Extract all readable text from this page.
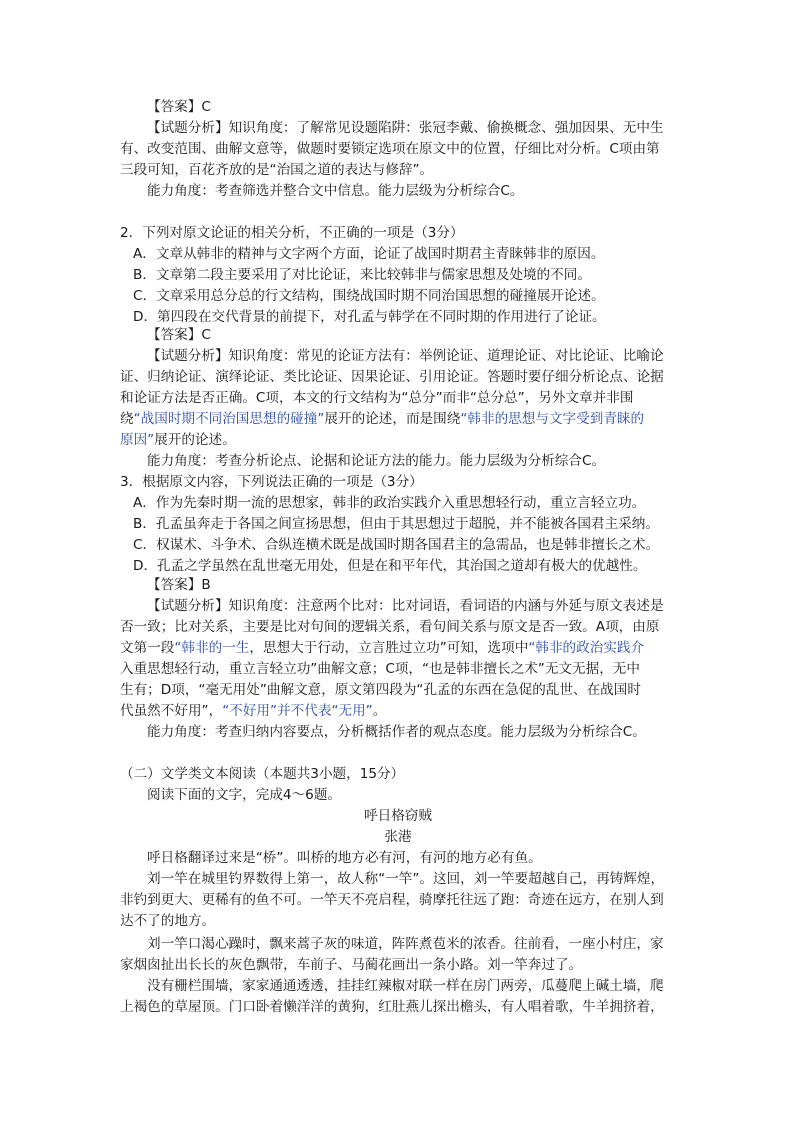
【答案】C
【试题分析】知识角度：了解常见设题陷阱：张冠李戴、偷换概念、强加因果、无中生
有、改变范围、曲解文意等，做题时要锁定选项在原文中的位置，仔细比对分析。C项由第
三段可知，百花齐放的是“治国之道的表达与修辞”。
能力角度：考查筛选并整合文中信息。能力层级为分析综合C。
2．下列对原文论证的相关分析，不正确的一项是（3分）
A．文章从韩非的精神与文字两个方面，论证了战国时期君主青睐韩非的原因。
B．文章第二段主要采用了对比论证，来比较韩非与儒家思想及处境的不同。
C．文章采用总分总的行文结构，围绕战国时期不同治国思想的碰撞展开论述。
D．第四段在交代背景的前提下，对孔孟与韩学在不同时期的作用进行了论证。
【答案】C
【试题分析】知识角度：常见的论证方法有：举例论证、道理论证、对比论证、比喻论
证、归纳论证、演绎论证、类比论证、因果论证、引用论证。答题时要仔细分析论点、论据
和论证方法是否正确。C项，本文的行文结构为“总分”而非“总分总”，另外文章并非围
绕“战国时期不同治国思想的碰撞”展开的论述，而是围绕“韩非的思想与文字受到青睐的
原因”展开的论述。
能力角度：考查分析论点、论据和论证方法的能力。能力层级为分析综合C。
3．根据原文内容，下列说法正确的一项是（3分）
A．作为先秦时期一流的思想家，韩非的政治实践介入重思想轻行动，重立言轻立功。
B．孔孟虽奔走于各国之间宣扬思想，但由于其思想过于超脱，并不能被各国君主采纳。
C．权谋术、斗争术、合纵连横术既是战国时期各国君主的急需品，也是韩非擅长之术。
D．孔孟之学虽然在乱世毫无用处，但是在和平年代，其治国之道却有极大的优越性。
【答案】B
【试题分析】知识角度：注意两个比对：比对词语，看词语的内涵与外延与原文表述是
否一致；比对关系，主要是比对句间的逻辑关系，看句间关系与原文是否一致。A项，由原
文第一段“韩非的一生，思想大于行动，立言胜过立功”可知，选项中“韩非的政治实践介
入重思想轻行动，重立言轻立功”曲解文意；C项，“也是韩非擅长之术”无文无据，无中
生有；D项，“毫无用处”曲解文意，原文第四段为“孔孟的东西在急促的乱世、在战国时
代虽然不好用”，“不好用”并不代表“无用”。
能力角度：考查归纳内容要点，分析概括作者的观点态度。能力层级为分析综合C。
（二）文学类文本阅读（本题共3小题，15分）
阅读下面的文字，完成4～6题。
呼日格窃贼
张港
呼日格翻译过来是“桥”。叫桥的地方必有河，有河的地方必有鱼。
刘一竿在城里钓界数得上第一，故人称“一竿”。这回，刘一竿要超越自己，再铸辉煌，
非钓到更大、更稀有的鱼不可。一竿天不亮启程，骑摩托往远了跑：奇迹在远方，在别人到
达不了的地方。
刘一竿口渴心躁时，飘来蒿子灰的味道，阵阵煮苞米的浓香。往前看，一座小村庄，家
家烟囱扯出长长的灰色飘带，车前子、马蔺花画出一条小路。刘一竿奔过了。
没有栅栏围墙，家家通通透透，挂挂红辣椒对联一样在房门两旁，瓜蔓爬上碱土墙，爬
上褐色的草屋顶。门口卧着懒洋洋的黄狗，红肚燕儿探出檐头，有人唱着歌，牛羊拥挤着，
